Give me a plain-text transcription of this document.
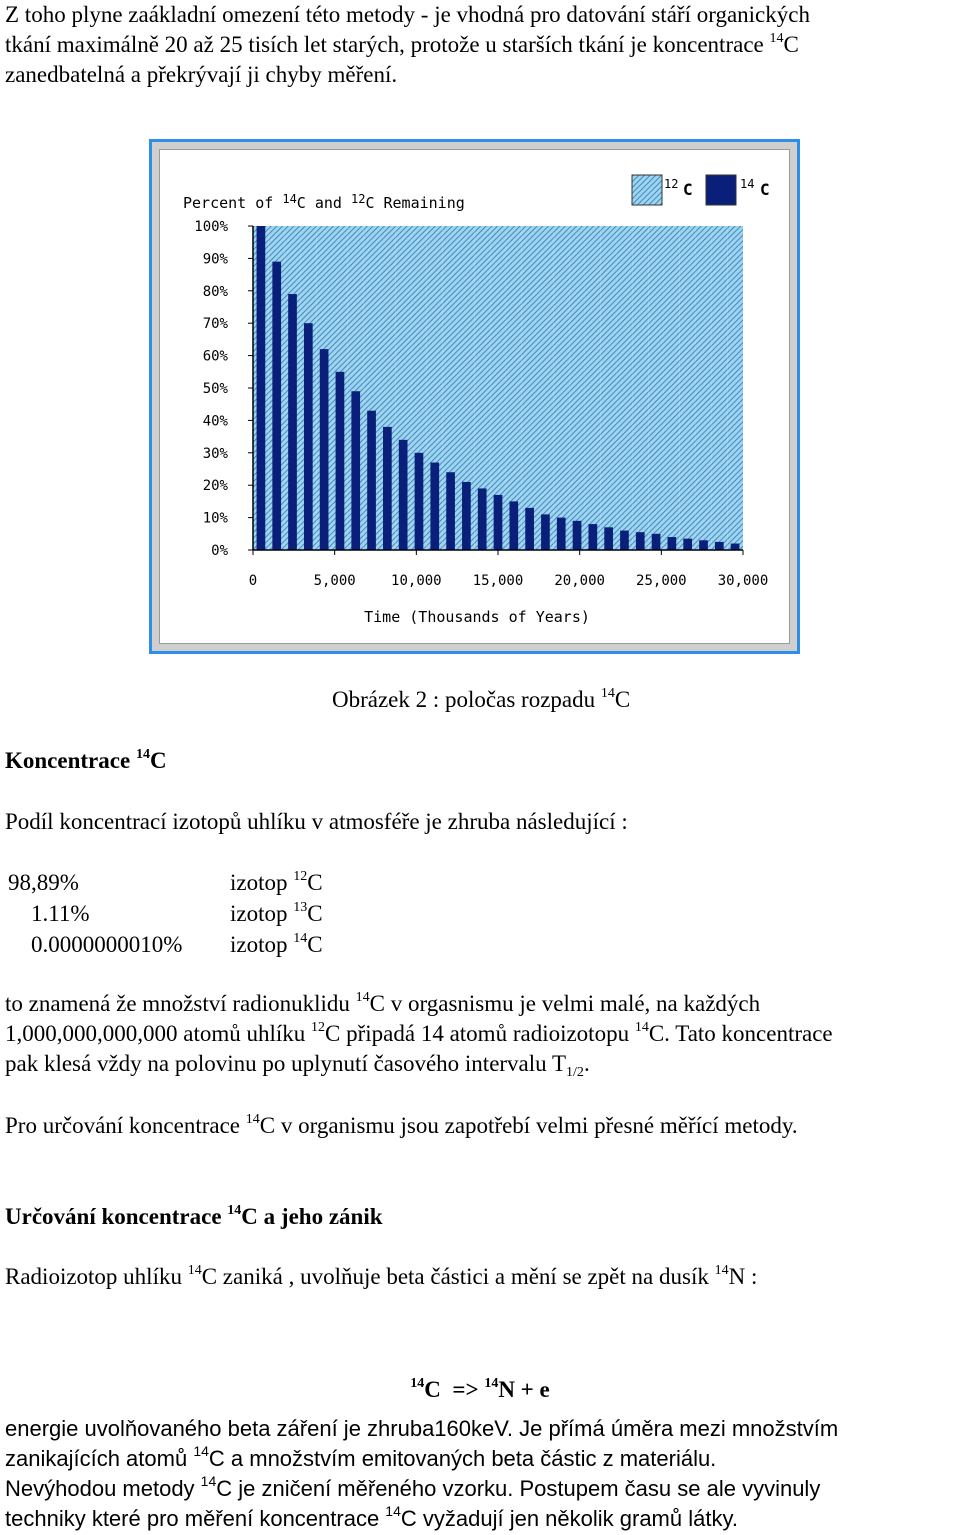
Z toho plyne zaákladní omezení této metody - je vhodná pro datování stáří organických
tkání maximálně 20 až 25 tisích let starých, protože u starších tkání je koncentrace $^{14}$C
zanedbatelná a překrývají ji chyby měření.

Percent of $^{14}$C and $^{12}$C Remaining
12 C	14 C
100%
90%
80%
70%
60%
50%
40%
30%
20%
10%
0%
0	5,000	10,000 15,000 20,000 25,000 30,000
Time (Thousands of Years)

Obrázek 2 : poločas rozpadu $^{14}$C

Koncentrace $^{14}$C

Podíl koncentrací izotopů uhlíku v atmosféře je zhruba následující :

98,89%	izotop $^{12}$C
1.11%	izotop $^{13}$C
0.0000000010%	izotop $^{14}$C

to znamená že množství radionuklidu $^{14}$C v orgasnismu je velmi malé, na každých
1,000,000,000,000 atomů uhlíku $^{12}$C připadá 14 atomů radioizotopu $^{14}$C. Tato koncentrace
pak klesá vždy na polovinu po uplynutí časového intervalu $T_{1/2}$.

Pro určování koncentrace $^{14}$C v organismu jsou zapotřebí velmi přesné měřící metody.

Určování koncentrace $^{14}$C a jeho zánik

Radioizotop uhlíku $^{14}$C zaniká , uvolňuje beta částici a mění se zpět na dusík $^{14}$N :

$^{14}$C  => $^{14}$N + e

energie uvolňovaného beta záření je zhruba160keV. Je přímá úměra mezi množstvím
zanikajících atomů $^{14}$C a množstvím emitovaných beta částic z materiálu.
Nevýhodou metody $^{14}$C je zničení měřeného vzorku. Postupem času se ale vyvinuly
techniky které pro měření koncentrace $^{14}$C vyžadují jen několik gramů látky.
